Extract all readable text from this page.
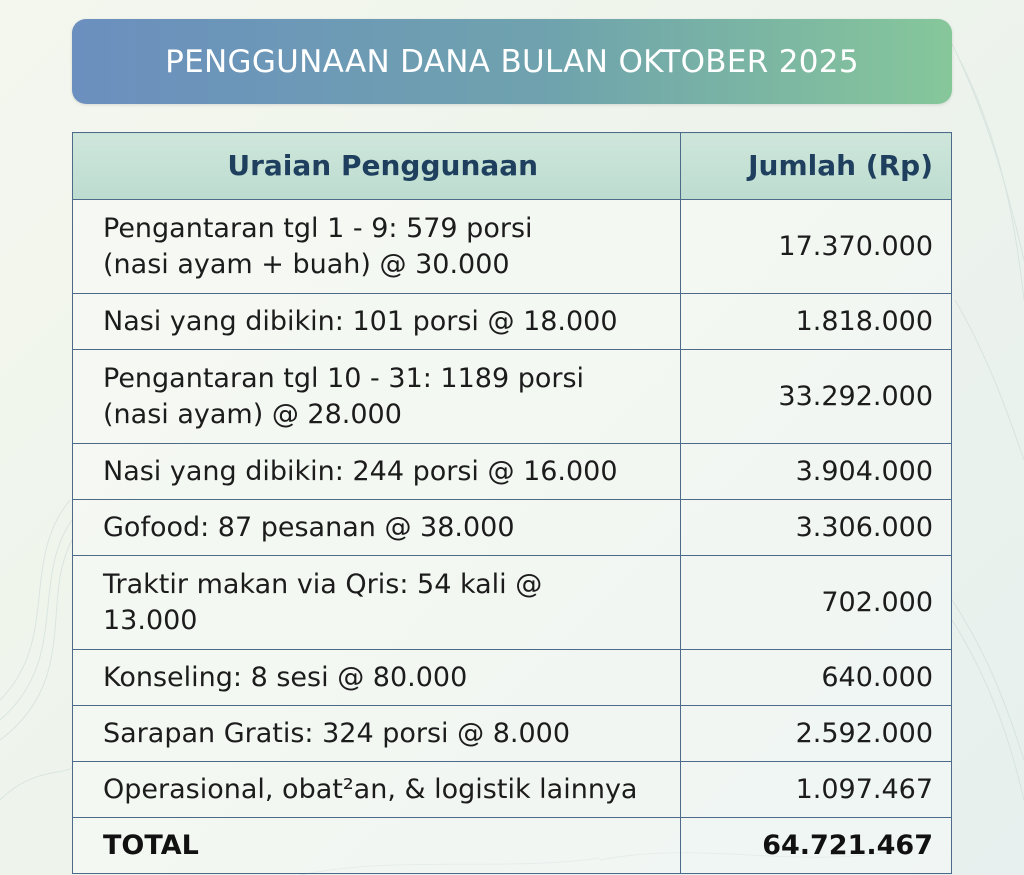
PENGGUNAAN DANA BULAN OKTOBER 2025
Uraian Penggunaan	Jumlah (Rp)
Pengantaran tgl 1 - 9: 579 porsi
(nasi ayam + buah) @ 30.000	17.370.000
Nasi yang dibikin: 101 porsi @ 18.000	1.818.000
Pengantaran tgl 10 - 31: 1189 porsi
(nasi ayam) @ 28.000	33.292.000
Nasi yang dibikin: 244 porsi @ 16.000	3.904.000
Gofood: 87 pesanan @ 38.000	3.306.000
Traktir makan via Qris: 54 kali @
13.000	702.000
Konseling: 8 sesi @ 80.000	640.000
Sarapan Gratis: 324 porsi @ 8.000	2.592.000
Operasional, obat²an, & logistik lainnya	1.097.467
TOTAL	64.721.467
